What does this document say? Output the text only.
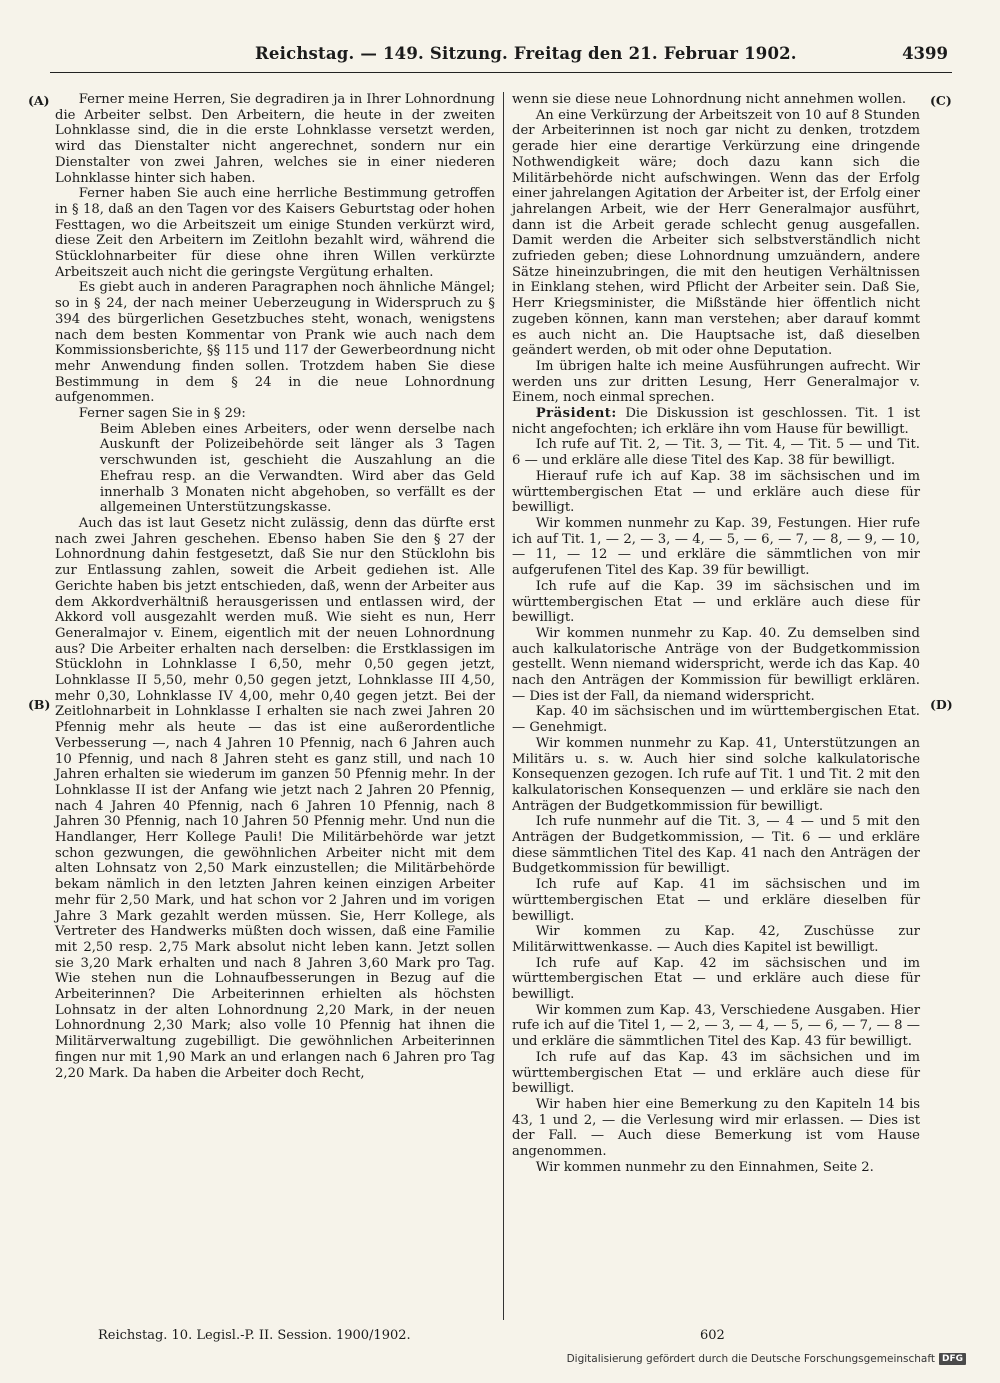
Reichstag. — 149. Sitzung. Freitag den 21. Februar 1902.	4399
(A)
(B)
(C)
(D)

Ferner meine Herren, Sie degradiren ja in Ihrer Lohnordnung die Arbeiter selbst. Den Arbeitern, die heute in der zweiten Lohnklasse sind, die in die erste Lohnklasse versetzt werden, wird das Dienstalter nicht angerechnet, sondern nur ein Dienstalter von zwei Jahren, welches sie in einer niederen Lohnklasse hinter sich haben.

Ferner haben Sie auch eine herrliche Bestimmung getroffen in § 18, daß an den Tagen vor des Kaisers Geburtstag oder hohen Festtagen, wo die Arbeitszeit um einige Stunden verkürzt wird, diese Zeit den Arbeitern im Zeitlohn bezahlt wird, während die Stücklohnarbeiter für diese ohne ihren Willen verkürzte Arbeitszeit auch nicht die geringste Vergütung erhalten.

Es giebt auch in anderen Paragraphen noch ähnliche Mängel; so in § 24, der nach meiner Ueberzeugung in Widerspruch zu § 394 des bürgerlichen Gesetzbuches steht, wonach, wenigstens nach dem besten Kommentar von Prank wie auch nach dem Kommissionsberichte, §§ 115 und 117 der Gewerbeordnung nicht mehr Anwendung finden sollen. Trotzdem haben Sie diese Bestimmung in dem § 24 in die neue Lohnordnung aufgenommen.

Ferner sagen Sie in § 29:

Beim Ableben eines Arbeiters, oder wenn derselbe nach Auskunft der Polizeibehörde seit länger als 3 Tagen verschwunden ist, geschieht die Auszahlung an die Ehefrau resp. an die Verwandten. Wird aber das Geld innerhalb 3 Monaten nicht abgehoben, so verfällt es der allgemeinen Unterstützungskasse.

Auch das ist laut Gesetz nicht zulässig, denn das dürfte erst nach zwei Jahren geschehen. Ebenso haben Sie den § 27 der Lohnordnung dahin festgesetzt, daß Sie nur den Stücklohn bis zur Entlassung zahlen, soweit die Arbeit gediehen ist. Alle Gerichte haben bis jetzt entschieden, daß, wenn der Arbeiter aus dem Akkordverhältniß herausgerissen und entlassen wird, der Akkord voll ausgezahlt werden muß. Wie sieht es nun, Herr Generalmajor v. Einem, eigentlich mit der neuen Lohnordnung aus? Die Arbeiter erhalten nach derselben: die Erstklassigen im Stücklohn in Lohnklasse I 6,50, mehr 0,50 gegen jetzt, Lohnklasse II 5,50, mehr 0,50 gegen jetzt, Lohnklasse III 4,50, mehr 0,30, Lohnklasse IV 4,00, mehr 0,40 gegen jetzt. Bei der Zeitlohnarbeit in Lohnklasse I erhalten sie nach zwei Jahren 20 Pfennig mehr als heute — das ist eine außerordentliche Verbesserung —, nach 4 Jahren 10 Pfennig, nach 6 Jahren auch 10 Pfennig, und nach 8 Jahren steht es ganz still, und nach 10 Jahren erhalten sie wiederum im ganzen 50 Pfennig mehr. In der Lohnklasse II ist der Anfang wie jetzt nach 2 Jahren 20 Pfennig, nach 4 Jahren 40 Pfennig, nach 6 Jahren 10 Pfennig, nach 8 Jahren 30 Pfennig, nach 10 Jahren 50 Pfennig mehr. Und nun die Handlanger, Herr Kollege Pauli! Die Militärbehörde war jetzt schon gezwungen, die gewöhnlichen Arbeiter nicht mit dem alten Lohnsatz von 2,50 Mark einzustellen; die Militärbehörde bekam nämlich in den letzten Jahren keinen einzigen Arbeiter mehr für 2,50 Mark, und hat schon vor 2 Jahren und im vorigen Jahre 3 Mark gezahlt werden müssen. Sie, Herr Kollege, als Vertreter des Handwerks müßten doch wissen, daß eine Familie mit 2,50 resp. 2,75 Mark absolut nicht leben kann. Jetzt sollen sie 3,20 Mark erhalten und nach 8 Jahren 3,60 Mark pro Tag. Wie stehen nun die Lohnaufbesserungen in Bezug auf die Arbeiterinnen? Die Arbeiterinnen erhielten als höchsten Lohnsatz in der alten Lohnordnung 2,20 Mark, in der neuen Lohnordnung 2,30 Mark; also volle 10 Pfennig hat ihnen die Militärverwaltung zugebilligt. Die gewöhnlichen Arbeiterinnen fingen nur mit 1,90 Mark an und erlangen nach 6 Jahren pro Tag 2,20 Mark. Da haben die Arbeiter doch Recht,

wenn sie diese neue Lohnordnung nicht annehmen wollen.

An eine Verkürzung der Arbeitszeit von 10 auf 8 Stunden der Arbeiterinnen ist noch gar nicht zu denken, trotzdem gerade hier eine derartige Verkürzung eine dringende Nothwendigkeit wäre; doch dazu kann sich die Militärbehörde nicht aufschwingen. Wenn das der Erfolg einer jahrelangen Agitation der Arbeiter ist, der Erfolg einer jahrelangen Arbeit, wie der Herr Generalmajor ausführt, dann ist die Arbeit gerade schlecht genug ausgefallen. Damit werden die Arbeiter sich selbstverständlich nicht zufrieden geben; diese Lohnordnung umzuändern, andere Sätze hineinzubringen, die mit den heutigen Verhältnissen in Einklang stehen, wird Pflicht der Arbeiter sein. Daß Sie, Herr Kriegsminister, die Mißstände hier öffentlich nicht zugeben können, kann man verstehen; aber darauf kommt es auch nicht an. Die Hauptsache ist, daß dieselben geändert werden, ob mit oder ohne Deputation.

Im übrigen halte ich meine Ausführungen aufrecht. Wir werden uns zur dritten Lesung, Herr Generalmajor v. Einem, noch einmal sprechen.

Präsident: Die Diskussion ist geschlossen. Tit. 1 ist nicht angefochten; ich erkläre ihn vom Hause für bewilligt.

Ich rufe auf Tit. 2, — Tit. 3, — Tit. 4, — Tit. 5 — und Tit. 6 — und erkläre alle diese Titel des Kap. 38 für bewilligt.

Hierauf rufe ich auf Kap. 38 im sächsischen und im württembergischen Etat — und erkläre auch diese für bewilligt.

Wir kommen nunmehr zu Kap. 39, Festungen. Hier rufe ich auf Tit. 1, — 2, — 3, — 4, — 5, — 6, — 7, — 8, — 9, — 10, — 11, — 12 — und erkläre die sämmtlichen von mir aufgerufenen Titel des Kap. 39 für bewilligt.

Ich rufe auf die Kap. 39 im sächsischen und im württembergischen Etat — und erkläre auch diese für bewilligt.

Wir kommen nunmehr zu Kap. 40. Zu demselben sind auch kalkulatorische Anträge von der Budgetkommission gestellt. Wenn niemand widerspricht, werde ich das Kap. 40 nach den Anträgen der Kommission für bewilligt erklären. — Dies ist der Fall, da niemand widerspricht.

Kap. 40 im sächsischen und im württembergischen Etat. — Genehmigt.

Wir kommen nunmehr zu Kap. 41, Unterstützungen an Militärs u. s. w. Auch hier sind solche kalkulatorische Konsequenzen gezogen. Ich rufe auf Tit. 1 und Tit. 2 mit den kalkulatorischen Konsequenzen — und erkläre sie nach den Anträgen der Budgetkommission für bewilligt.

Ich rufe nunmehr auf die Tit. 3, — 4 — und 5 mit den Anträgen der Budgetkommission, — Tit. 6 — und erkläre diese sämmtlichen Titel des Kap. 41 nach den Anträgen der Budgetkommission für bewilligt.

Ich rufe auf Kap. 41 im sächsischen und im württembergischen Etat — und erkläre dieselben für bewilligt.

Wir kommen zu Kap. 42, Zuschüsse zur Militärwittwenkasse. — Auch dies Kapitel ist bewilligt.

Ich rufe auf Kap. 42 im sächsischen und im württembergischen Etat — und erkläre auch diese für bewilligt.

Wir kommen zum Kap. 43, Verschiedene Ausgaben. Hier rufe ich auf die Titel 1, — 2, — 3, — 4, — 5, — 6, — 7, — 8 — und erkläre die sämmtlichen Titel des Kap. 43 für bewilligt.

Ich rufe auf das Kap. 43 im sächsichen und im württembergischen Etat — und erkläre auch diese für bewilligt.

Wir haben hier eine Bemerkung zu den Kapiteln 14 bis 43, 1 und 2, — die Verlesung wird mir erlassen. — Dies ist der Fall. — Auch diese Bemerkung ist vom Hause angenommen.

Wir kommen nunmehr zu den Einnahmen, Seite 2.

Reichstag. 10. Legisl.-P. II. Session. 1900/1902.	602
Digitalisierung gefördert durch die Deutsche Forschungsgemeinschaft DFG
